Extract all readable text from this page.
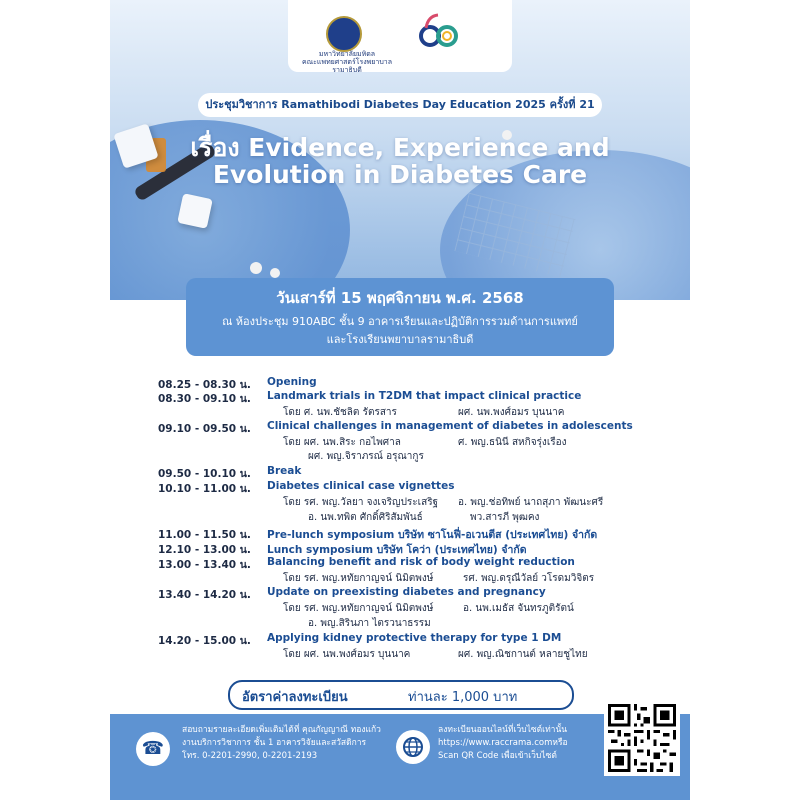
มหาวิทยาลัยมหิดล
คณะแพทยศาสตร์โรงพยาบาลรามาธิบดี
ประชุมวิชาการ Ramathibodi Diabetes Day Education 2025 ครั้งที่ 21
เรื่อง Evidence, Experience and
Evolution in Diabetes Care
วันเสาร์ที่ 15 พฤศจิกายน พ.ศ. 2568
ณ ห้องประชุม 910ABC ชั้น 9 อาคารเรียนและปฏิบัติการรวมด้านการแพทย์
และโรงเรียนพยาบาลรามาธิบดี
08.25 - 08.30 น. Opening
08.30 - 09.10 น. Landmark trials in T2DM that impact clinical practice
โดย ศ. นพ.ชัชลิต รัตรสาร	ผศ. นพ.พงศ์อมร บุนนาค
09.10 - 09.50 น. Clinical challenges in management of diabetes in adolescents
โดย ผศ. นพ.สิระ กอไพศาล	ศ. พญ.ธนินี สหกิจรุ่งเรือง
ผศ. พญ.จิราภรณ์ อรุณากูร
09.50 - 10.10 น. Break
10.10 - 11.00 น. Diabetes clinical case vignettes
โดย รศ. พญ.วัลยา จงเจริญประเสริฐ อ. พญ.ช่อทิพย์ นาถสุภา พัฒนะศรี
อ. นพ.ทพิต ศักดิ์ศิริสัมพันธ์	พว.สารภี พุฒคง
11.00 - 11.50 น. Pre-lunch symposium บริษัท ซาโนฟี่-อเวนตีส (ประเทศไทย) จำกัด
12.10 - 13.00 น. Lunch symposium บริษัท โคว่า (ประเทศไทย) จำกัด
13.00 - 13.40 น. Balancing benefit and risk of body weight reduction
โดย รศ. พญ.หทัยกาญจน์ นิมิตพงษ์	รศ. พญ.ดรุณีวัลย์ วโรดมวิจิตร
13.40 - 14.20 น. Update on preexisting diabetes and pregnancy
โดย รศ. พญ.หทัยกาญจน์ นิมิตพงษ์	อ. นพ.เมธัส จันทรภูติรัตน์
อ. พญ.สิรินภา ไตรวนาธรรม
14.20 - 15.00 น. Applying kidney protective therapy for type 1 DM
โดย ผศ. นพ.พงศ์อมร บุนนาค	ผศ. พญ.ณิชกานต์ หลายชูไทย
อัตราค่าลงทะเบียน	ท่านละ 1,000 บาท
☎
สอบถามรายละเอียดเพิ่มเติมได้ที่ คุณกัญญาณี ทองแก้ว
งานบริการวิชาการ ชั้น 1 อาคารวิจัยและสวัสดิการ
โทร. 0-2201-2990, 0-2201-2193
ลงทะเบียนออนไลน์ที่เว็บไซต์เท่านั้น
https://www.raccrama.comหรือ
Scan QR Code เพื่อเข้าเว็บไซต์
